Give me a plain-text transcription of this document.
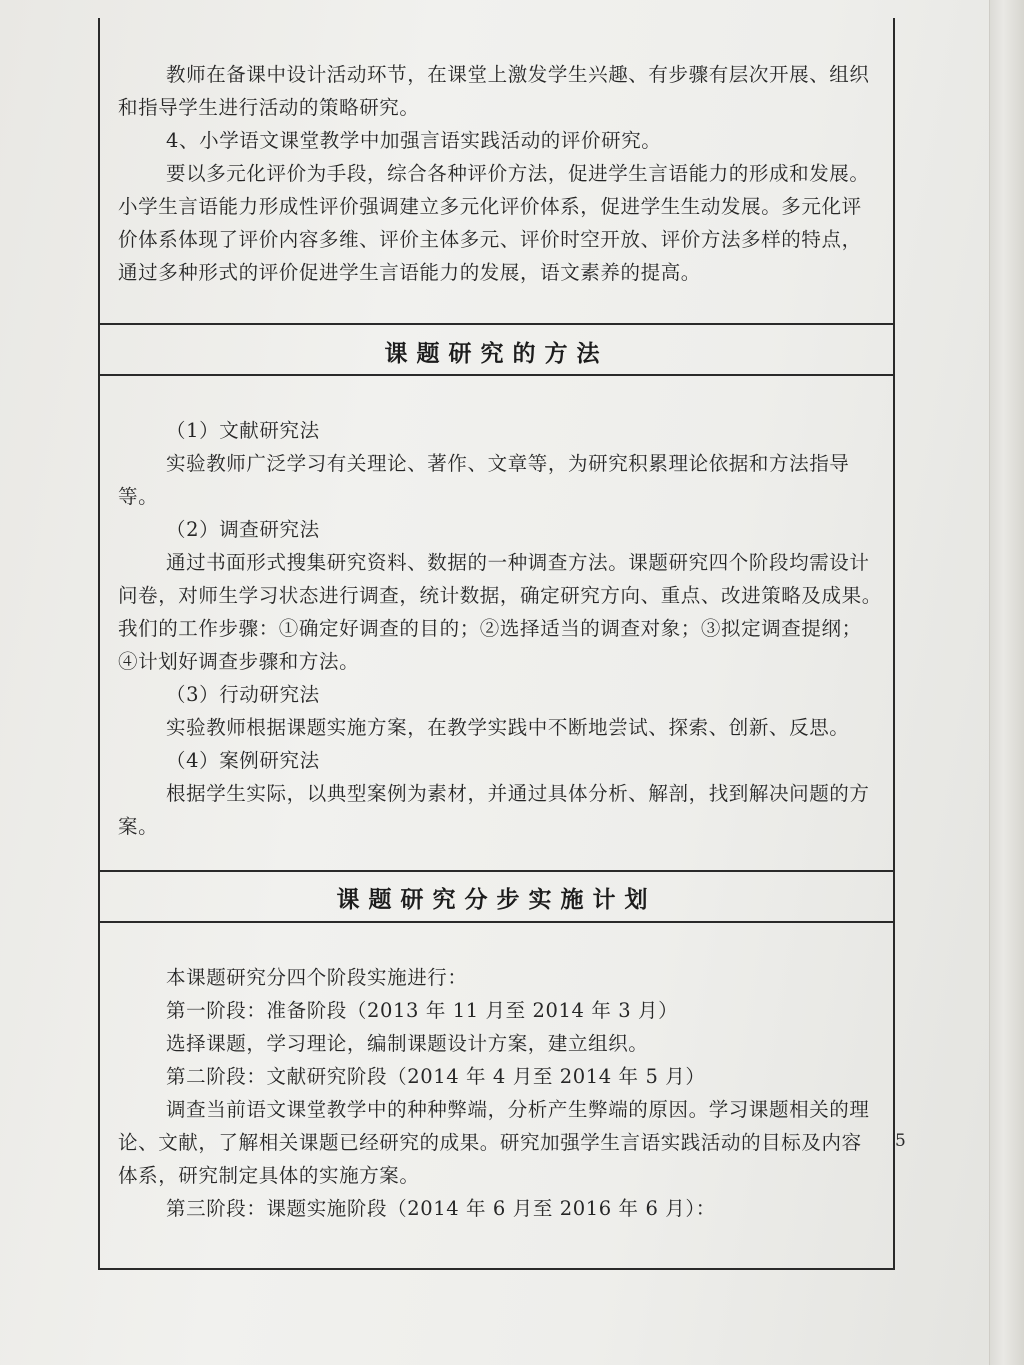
教师在备课中设计活动环节，在课堂上激发学生兴趣、有步骤有层次开展、组织

和指导学生进行活动的策略研究。

4、小学语文课堂教学中加强言语实践活动的评价研究。

要以多元化评价为手段，综合各种评价方法，促进学生言语能力的形成和发展。

小学生言语能力形成性评价强调建立多元化评价体系，促进学生生动发展。多元化评

价体系体现了评价内容多维、评价主体多元、评价时空开放、评价方法多样的特点，

通过多种形式的评价促进学生言语能力的发展，语文素养的提高。

课题研究的方法

（1）文献研究法

实验教师广泛学习有关理论、著作、文章等，为研究积累理论依据和方法指导等。

（2）调查研究法

通过书面形式搜集研究资料、数据的一种调查方法。课题研究四个阶段均需设计

问卷，对师生学习状态进行调查，统计数据，确定研究方向、重点、改进策略及成果。

我们的工作步骤：①确定好调查的目的；②选择适当的调查对象；③拟定调查提纲；

④计划好调查步骤和方法。

（3）行动研究法

实验教师根据课题实施方案，在教学实践中不断地尝试、探索、创新、反思。

（4）案例研究法

根据学生实际，以典型案例为素材，并通过具体分析、解剖，找到解决问题的方

案。

课题研究分步实施计划

本课题研究分四个阶段实施进行：

第一阶段：准备阶段（2013 年 11 月至 2014 年 3 月）

选择课题，学习理论，编制课题设计方案，建立组织。

第二阶段：文献研究阶段（2014 年 4 月至 2014 年 5 月）

调查当前语文课堂教学中的种种弊端，分析产生弊端的原因。学习课题相关的理

论、文献，了解相关课题已经研究的成果。研究加强学生言语实践活动的目标及内容

体系，研究制定具体的实施方案。

第三阶段：课题实施阶段（2014 年 6 月至 2016 年 6 月）：

5
